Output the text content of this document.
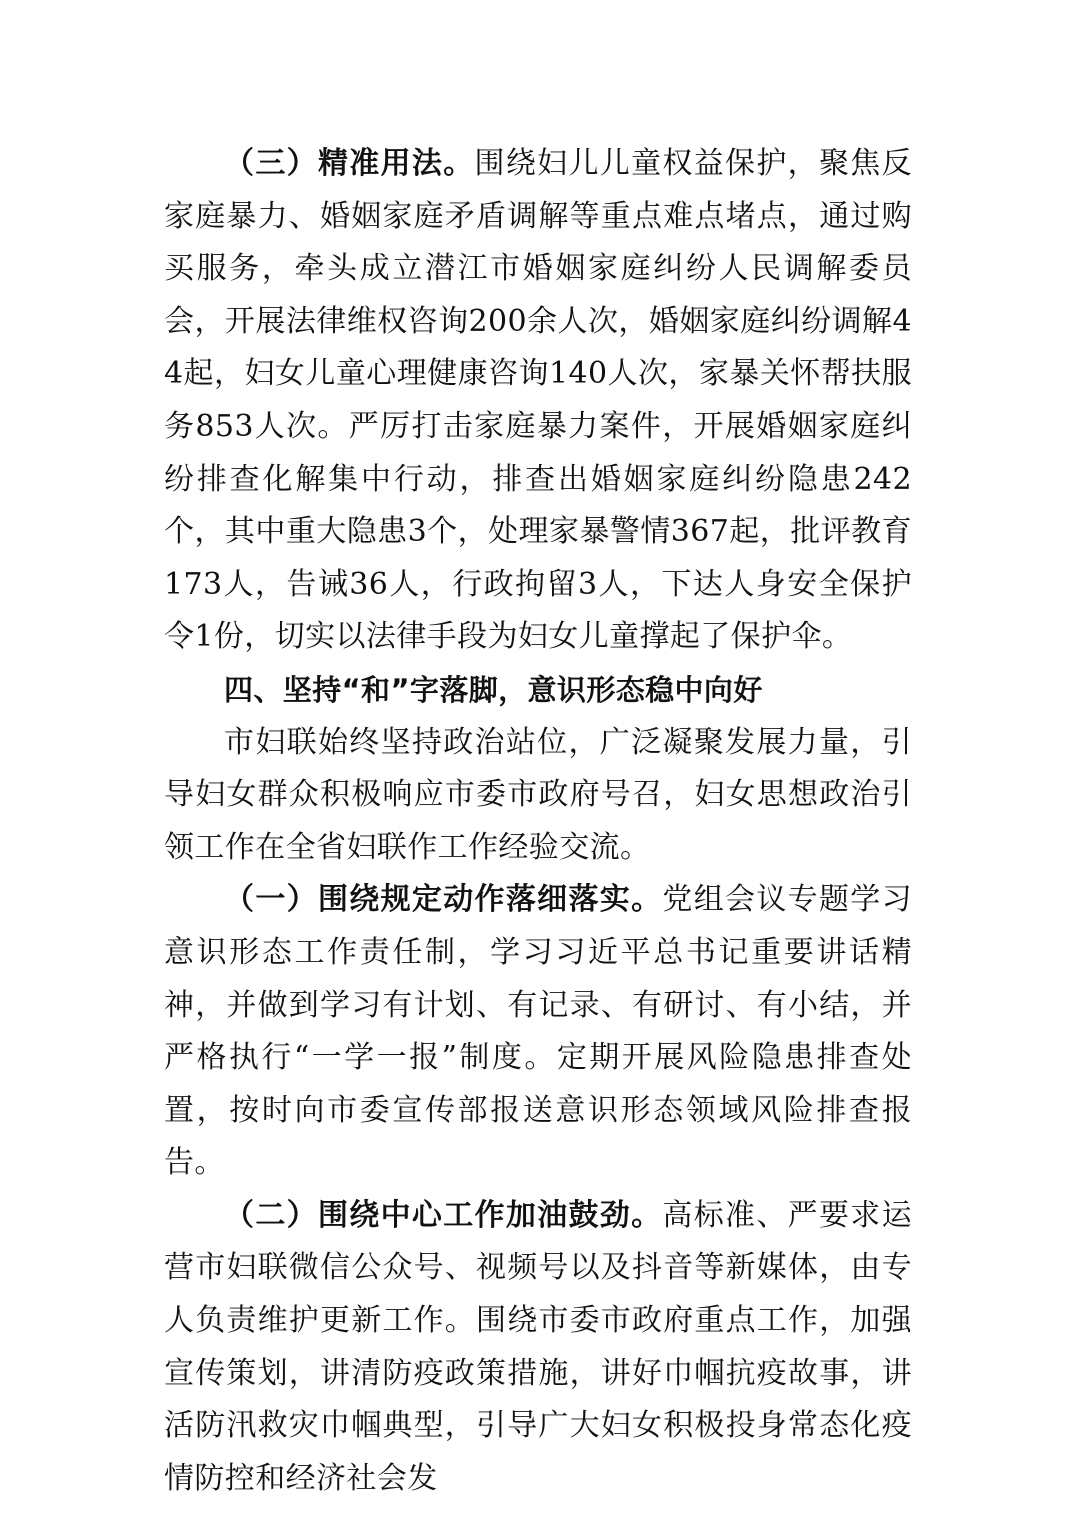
（三）精准用法。围绕妇儿儿童权益保护，聚焦反家庭暴力、婚姻家庭矛盾调解等重点难点堵点，通过购买服务，牵头成立潜江市婚姻家庭纠纷人民调解委员会，开展法律维权咨询200余人次，婚姻家庭纠纷调解44起，妇女儿童心理健康咨询140人次，家暴关怀帮扶服务853人次。严厉打击家庭暴力案件，开展婚姻家庭纠纷排查化解集中行动，排查出婚姻家庭纠纷隐患242个，其中重大隐患3个，处理家暴警情367起，批评教育173人，告诫36人，行政拘留3人，下达人身安全保护令1份，切实以法律手段为妇女儿童撑起了保护伞。

四、坚持“和”字落脚，意识形态稳中向好

市妇联始终坚持政治站位，广泛凝聚发展力量，引导妇女群众积极响应市委市政府号召，妇女思想政治引领工作在全省妇联作工作经验交流。

（一）围绕规定动作落细落实。党组会议专题学习意识形态工作责任制，学习习近平总书记重要讲话精神，并做到学习有计划、有记录、有研讨、有小结，并严格执行“一学一报”制度。定期开展风险隐患排查处置，按时向市委宣传部报送意识形态领域风险排查报告。

（二）围绕中心工作加油鼓劲。高标准、严要求运营市妇联微信公众号、视频号以及抖音等新媒体，由专人负责维护更新工作。围绕市委市政府重点工作，加强宣传策划，讲清防疫政策措施，讲好巾帼抗疫故事，讲活防汛救灾巾帼典型，引导广大妇女积极投身常态化疫情防控和经济社会发
